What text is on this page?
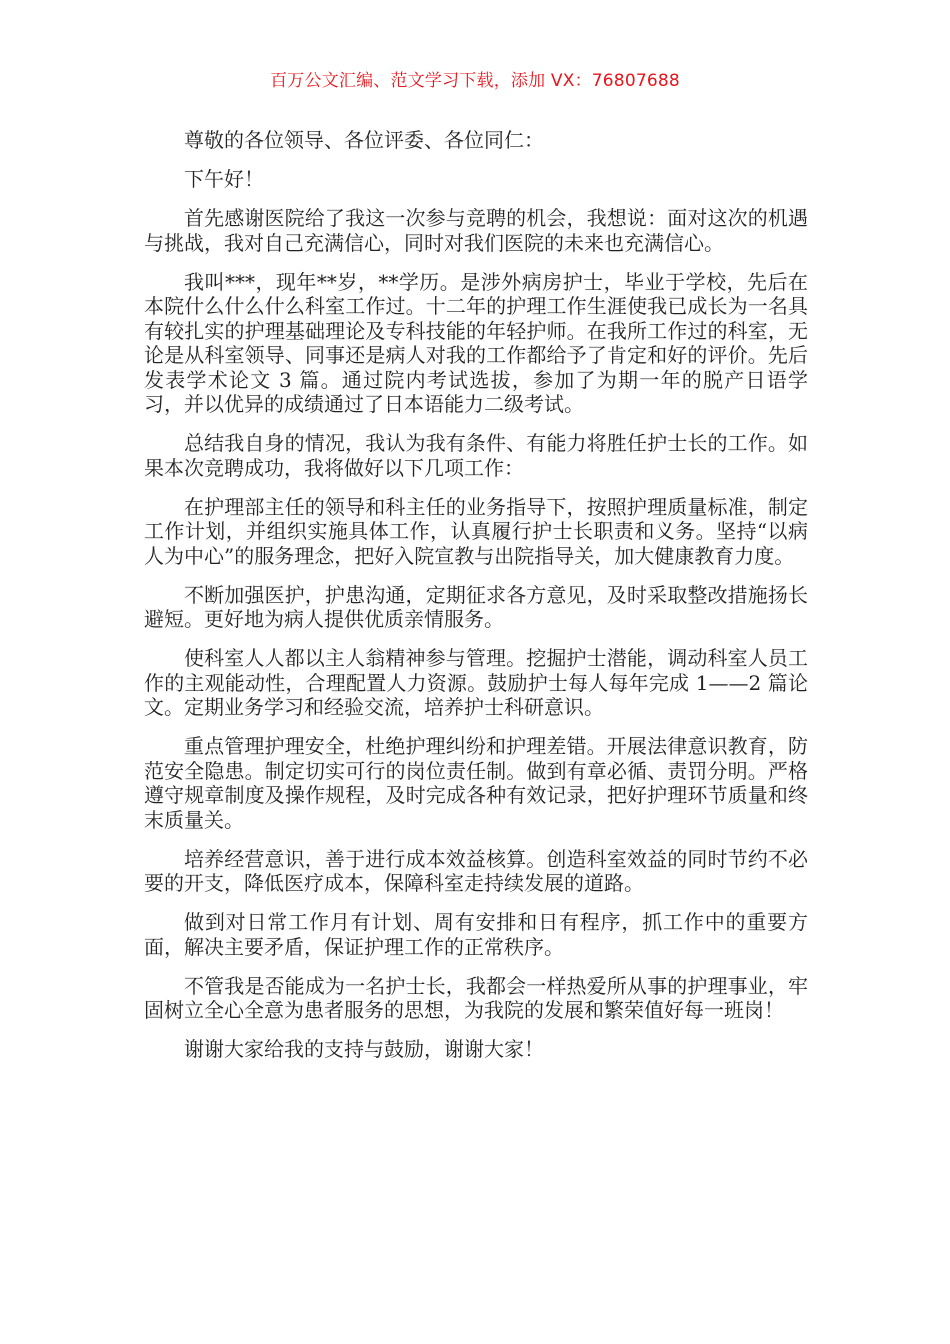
百万公文汇编、范文学习下载，添加 VX：76807688

尊敬的各位领导、各位评委、各位同仁：

下午好！

首先感谢医院给了我这一次参与竞聘的机会，我想说：面对这次的机遇与挑战，我对自己充满信心，同时对我们医院的未来也充满信心。

我叫***，现年**岁，**学历。是涉外病房护士，毕业于学校，先后在本院什么什么什么科室工作过。十二年的护理工作生涯使我已成长为一名具有较扎实的护理基础理论及专科技能的年轻护师。在我所工作过的科室，无论是从科室领导、同事还是病人对我的工作都给予了肯定和好的评价。先后发表学术论文 3 篇。通过院内考试选拔，参加了为期一年的脱产日语学习，并以优异的成绩通过了日本语能力二级考试。

总结我自身的情况，我认为我有条件、有能力将胜任护士长的工作。如果本次竞聘成功，我将做好以下几项工作：

在护理部主任的领导和科主任的业务指导下，按照护理质量标准，制定工作计划，并组织实施具体工作，认真履行护士长职责和义务。坚持“以病人为中心”的服务理念，把好入院宣教与出院指导关，加大健康教育力度。

不断加强医护，护患沟通，定期征求各方意见，及时采取整改措施扬长避短。更好地为病人提供优质亲情服务。

使科室人人都以主人翁精神参与管理。挖掘护士潜能，调动科室人员工作的主观能动性，合理配置人力资源。鼓励护士每人每年完成 1——2 篇论文。定期业务学习和经验交流，培养护士科研意识。

重点管理护理安全，杜绝护理纠纷和护理差错。开展法律意识教育，防范安全隐患。制定切实可行的岗位责任制。做到有章必循、责罚分明。严格遵守规章制度及操作规程，及时完成各种有效记录，把好护理环节质量和终末质量关。

培养经营意识，善于进行成本效益核算。创造科室效益的同时节约不必要的开支，降低医疗成本，保障科室走持续发展的道路。

做到对日常工作月有计划、周有安排和日有程序，抓工作中的重要方面，解决主要矛盾，保证护理工作的正常秩序。

不管我是否能成为一名护士长，我都会一样热爱所从事的护理事业，牢固树立全心全意为患者服务的思想，为我院的发展和繁荣值好每一班岗！

谢谢大家给我的支持与鼓励，谢谢大家！
